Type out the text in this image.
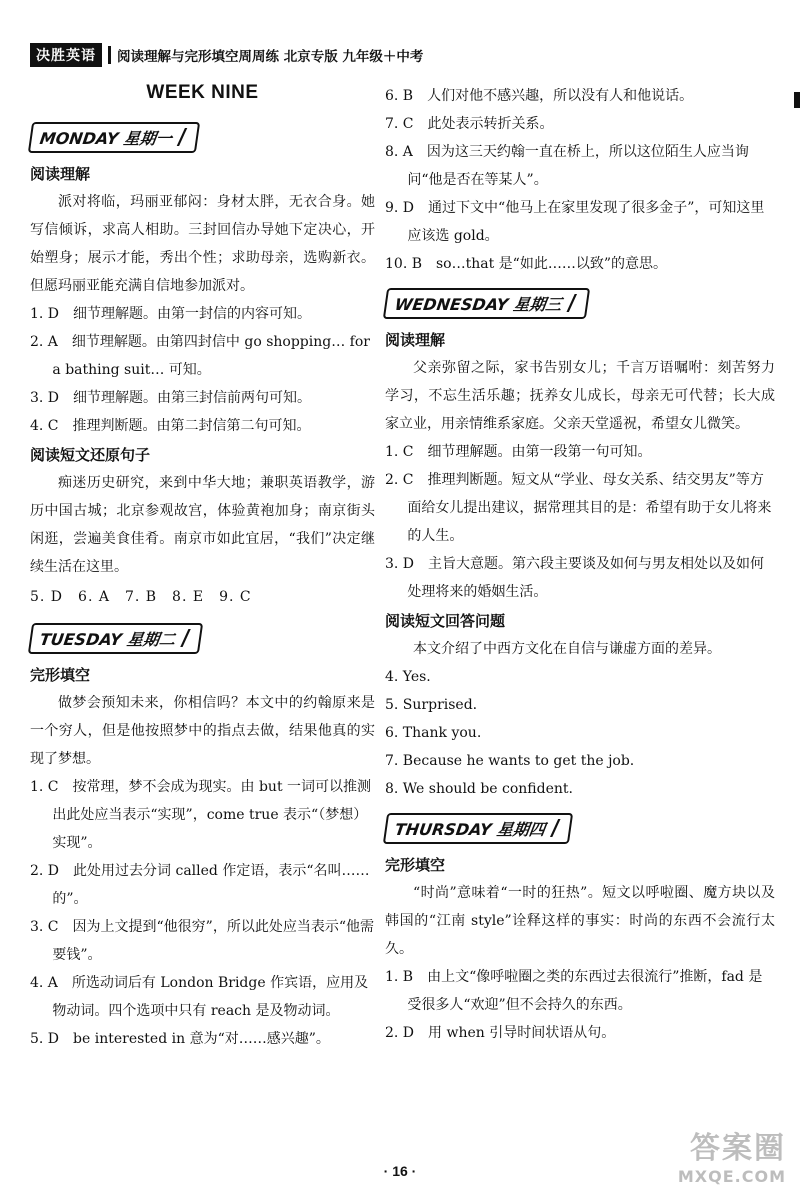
决胜英语	阅读理解与完形填空周周练 北京专版 九年级＋中考
WEEK NINE
MONDAY 星期一 /
阅读理解

派对将临，玛丽亚郁闷：身材太胖，无衣合身。她写信倾诉，求高人相助。三封回信办导她下定决心，开始塑身；展示才能，秀出个性；求助母亲，选购新衣。但愿玛丽亚能充满自信地参加派对。

1. D　细节理解题。由第一封信的内容可知。

2. A　细节理解题。由第四封信中 go shopping… for a bathing suit… 可知。

3. D　细节理解题。由第三封信前两句可知。

4. C　推理判断题。由第二封信第二句可知。

阅读短文还原句子

痴迷历史研究，来到中华大地；兼职英语教学，游历中国古城；北京参观故宫，体验黄袍加身；南京街头闲逛，尝遍美食佳肴。南京市如此宜居，“我们”决定继续生活在这里。

5. D　6. A　7. B　8. E　9. C

TUESDAY 星期二 /
完形填空

做梦会预知未来，你相信吗？本文中的约翰原来是一个穷人，但是他按照梦中的指点去做，结果他真的实现了梦想。

1. C　按常理，梦不会成为现实。由 but 一词可以推测出此处应当表示“实现”，come true 表示“（梦想）实现”。

2. D　此处用过去分词 called 作定语，表示“名叫……的”。

3. C　因为上文提到“他很穷”，所以此处应当表示“他需要钱”。

4. A　所选动词后有 London Bridge 作宾语，应用及物动词。四个选项中只有 reach 是及物动词。

5. D　be interested in 意为“对……感兴趣”。

6. B　人们对他不感兴趣，所以没有人和他说话。

7. C　此处表示转折关系。

8. A　因为这三天约翰一直在桥上，所以这位陌生人应当询问“他是否在等某人”。

9. D　通过下文中“他马上在家里发现了很多金子”，可知这里应该选 gold。

10. B　so…that 是“如此……以致”的意思。

WEDNESDAY 星期三 /
阅读理解

父亲弥留之际，家书告别女儿；千言万语嘱咐：刻苦努力学习，不忘生活乐趣；抚养女儿成长，母亲无可代替；长大成家立业，用亲情维系家庭。父亲天堂遥祝，希望女儿微笑。

1. C　细节理解题。由第一段第一句可知。

2. C　推理判断题。短文从“学业、母女关系、结交男友”等方面给女儿提出建议，据常理其目的是：希望有助于女儿将来的人生。

3. D　主旨大意题。第六段主要谈及如何与男友相处以及如何处理将来的婚姻生活。

阅读短文回答问题

本文介绍了中西方文化在自信与谦虚方面的差异。

4. Yes.

5. Surprised.

6. Thank you.

7. Because he wants to get the job.

8. We should be confident.

THURSDAY 星期四 /
完形填空

“时尚”意味着“一时的狂热”。短文以呼啦圈、魔方块以及韩国的“江南 style”诠释这样的事实：时尚的东西不会流行太久。

1. B　由上文“像呼啦圈之类的东西过去很流行”推断，fad 是受很多人“欢迎”但不会持久的东西。

2. D　用 when 引导时间状语从句。

· 16 ·
答案圈
MXQE.COM
